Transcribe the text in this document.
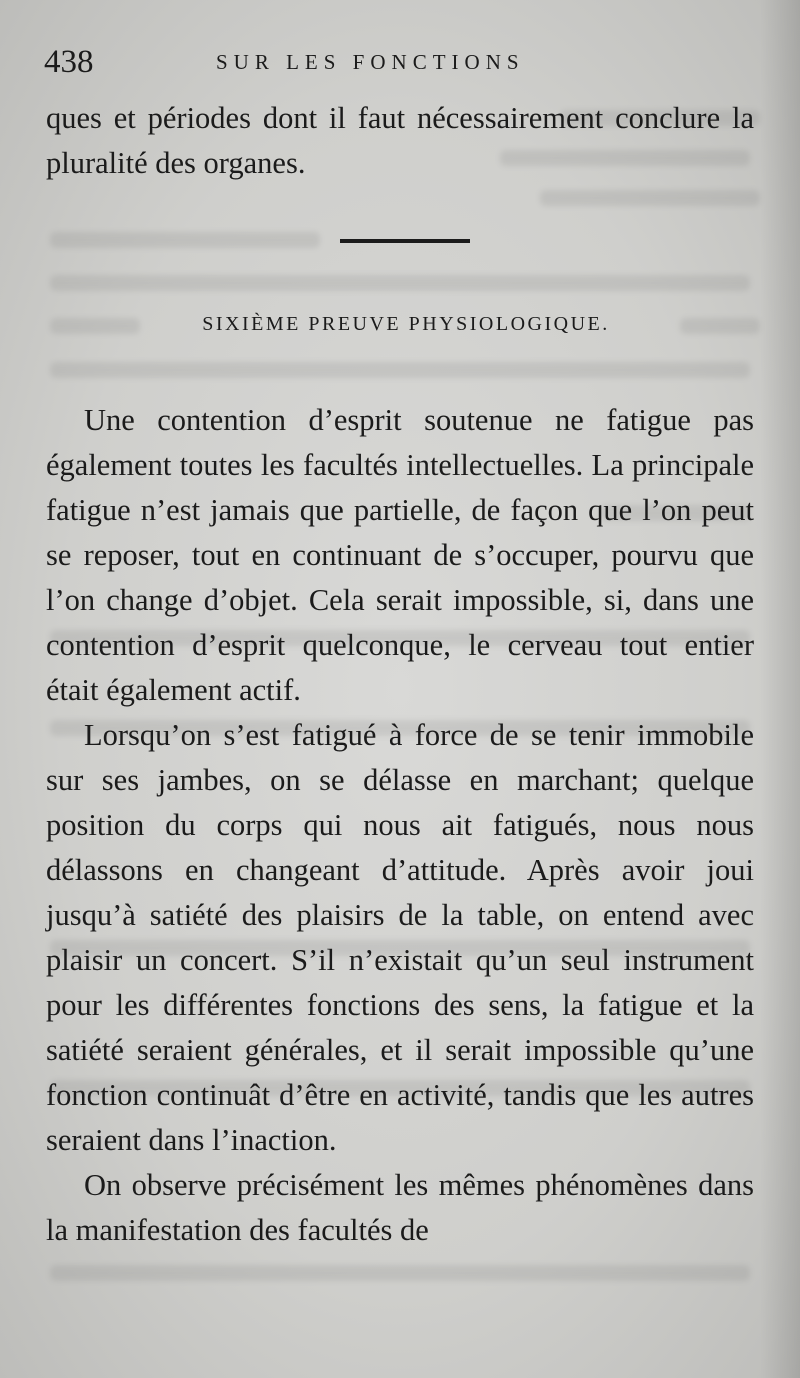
438	SUR LES FONCTIONS

ques et périodes dont il faut nécessairement conclure la pluralité des organes.

SIXIÈME PREUVE PHYSIOLOGIQUE.

Une contention d’esprit soutenue ne fatigue pas également toutes les facultés intellectuelles. La principale fatigue n’est jamais que partielle, de façon que l’on peut se reposer, tout en continuant de s’occuper, pourvu que l’on change d’objet. Cela serait impossible, si, dans une contention d’esprit quelconque, le cerveau tout entier était également actif.

Lorsqu’on s’est fatigué à force de se tenir immobile sur ses jambes, on se délasse en marchant; quelque position du corps qui nous ait fatigués, nous nous délassons en changeant d’attitude. Après avoir joui jusqu’à satiété des plaisirs de la table, on entend avec plaisir un concert. S’il n’existait qu’un seul instrument pour les différentes fonctions des sens, la fatigue et la satiété seraient générales, et il serait impossible qu’une fonction continuât d’être en activité, tandis que les autres seraient dans l’inaction.

On observe précisément les mêmes phénomènes dans la manifestation des facultés de
